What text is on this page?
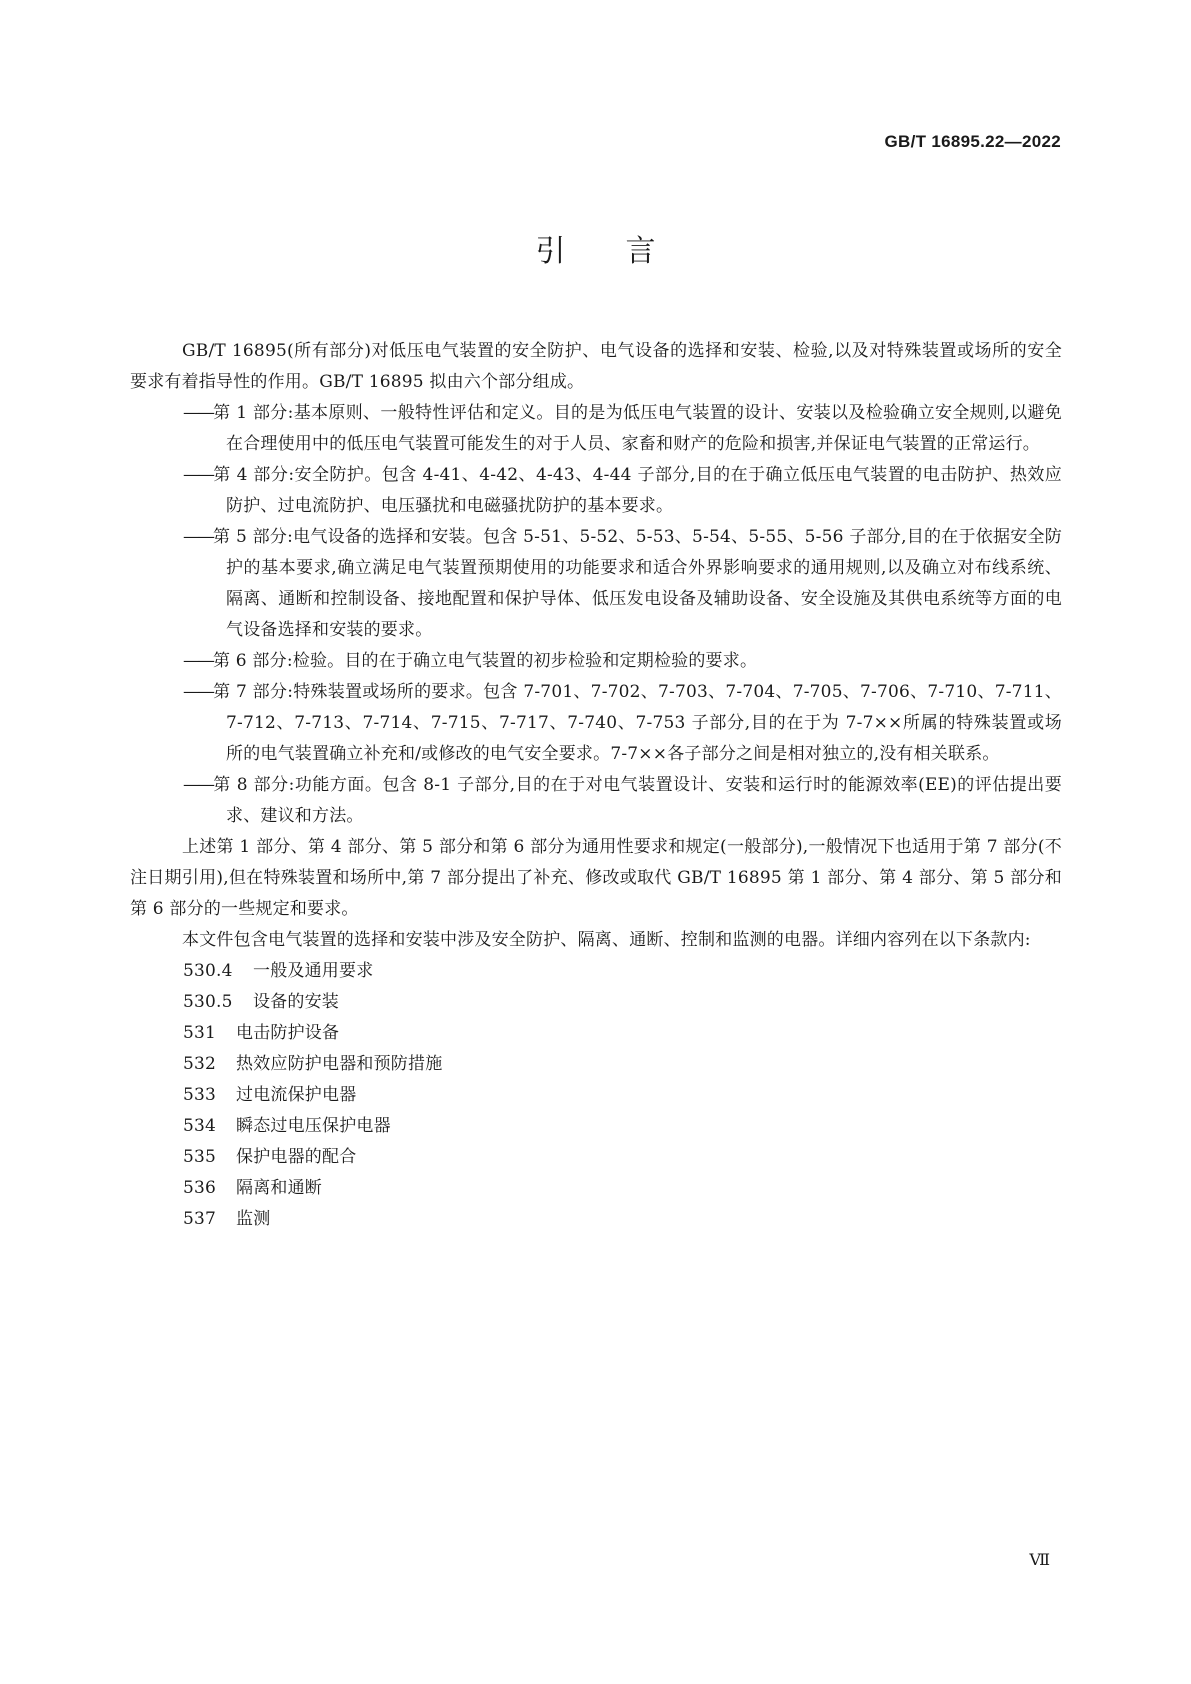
GB/T 16895.22—2022
引言

GB/T 16895(所有部分)对低压电气装置的安全防护、电气设备的选择和安装、检验,以及对特殊装置或场所的安全要求有着指导性的作用。GB/T 16895 拟由六个部分组成。

——第 1 部分:基本原则、一般特性评估和定义。目的是为低压电气装置的设计、安装以及检验确立安全规则,以避免在合理使用中的低压电气装置可能发生的对于人员、家畜和财产的危险和损害,并保证电气装置的正常运行。

——第 4 部分:安全防护。包含 4-41、4-42、4-43、4-44 子部分,目的在于确立低压电气装置的电击防护、热效应防护、过电流防护、电压骚扰和电磁骚扰防护的基本要求。

——第 5 部分:电气设备的选择和安装。包含 5-51、5-52、5-53、5-54、5-55、5-56 子部分,目的在于依据安全防护的基本要求,确立满足电气装置预期使用的功能要求和适合外界影响要求的通用规则,以及确立对布线系统、隔离、通断和控制设备、接地配置和保护导体、低压发电设备及辅助设备、安全设施及其供电系统等方面的电气设备选择和安装的要求。

——第 6 部分:检验。目的在于确立电气装置的初步检验和定期检验的要求。

——第 7 部分:特殊装置或场所的要求。包含 7-701、7-702、7-703、7-704、7-705、7-706、7-710、7-711、7-712、7-713、7-714、7-715、7-717、7-740、7-753 子部分,目的在于为 7-7××所属的特殊装置或场所的电气装置确立补充和/或修改的电气安全要求。7-7××各子部分之间是相对独立的,没有相关联系。

——第 8 部分:功能方面。包含 8-1 子部分,目的在于对电气装置设计、安装和运行时的能源效率(EE)的评估提出要求、建议和方法。

上述第 1 部分、第 4 部分、第 5 部分和第 6 部分为通用性要求和规定(一般部分),一般情况下也适用于第 7 部分(不注日期引用),但在特殊装置和场所中,第 7 部分提出了补充、修改或取代 GB/T 16895 第 1 部分、第 4 部分、第 5 部分和第 6 部分的一些规定和要求。

本文件包含电气装置的选择和安装中涉及安全防护、隔离、通断、控制和监测的电器。详细内容列在以下条款内:

530.4 一般及通用要求

530.5 设备的安装

531 电击防护设备

532 热效应防护电器和预防措施

533 过电流保护电器

534 瞬态过电压保护电器

535 保护电器的配合

536 隔离和通断

537 监测

Ⅶ
